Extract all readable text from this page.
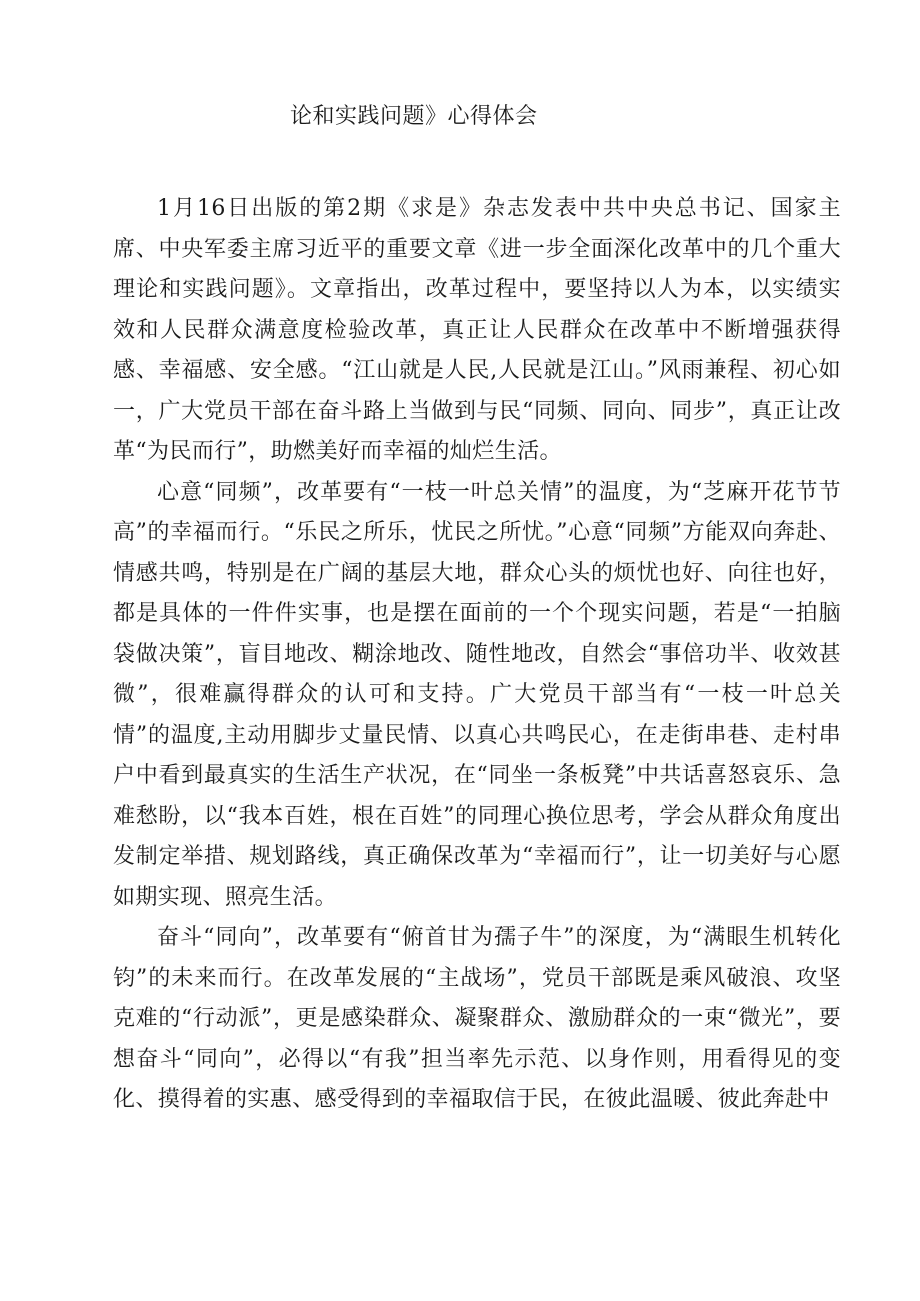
论和实践问题》心得体会

1月16日出版的第2期《求是》杂志发表中共中央总书记、国家主席、中央军委主席习近平的重要文章《进一步全面深化改革中的几个重大理论和实践问题》。文章指出，改革过程中，要坚持以人为本，以实绩实效和人民群众满意度检验改革，真正让人民群众在改革中不断增强获得感、幸福感、安全感。“江山就是人民,人民就是江山。”风雨兼程、初心如一，广大党员干部在奋斗路上当做到与民“同频、同向、同步”，真正让改革“为民而行”，助燃美好而幸福的灿烂生活。

心意“同频”，改革要有“一枝一叶总关情”的温度，为“芝麻开花节节高”的幸福而行。“乐民之所乐，忧民之所忧。”心意“同频”方能双向奔赴、情感共鸣，特别是在广阔的基层大地，群众心头的烦忧也好、向往也好，都是具体的一件件实事，也是摆在面前的一个个现实问题，若是“一拍脑袋做决策”，盲目地改、糊涂地改、随性地改，自然会“事倍功半、收效甚微”，很难赢得群众的认可和支持。广大党员干部当有“一枝一叶总关情”的温度,主动用脚步丈量民情、以真心共鸣民心，在走街串巷、走村串户中看到最真实的生活生产状况，在“同坐一条板凳”中共话喜怒哀乐、急难愁盼，以“我本百姓，根在百姓”的同理心换位思考，学会从群众角度出发制定举措、规划路线，真正确保改革为“幸福而行”，让一切美好与心愿如期实现、照亮生活。

奋斗“同向”，改革要有“俯首甘为孺子牛”的深度，为“满眼生机转化钧”的未来而行。在改革发展的“主战场”，党员干部既是乘风破浪、攻坚克难的“行动派”，更是感染群众、凝聚群众、激励群众的一束“微光”，要想奋斗“同向”，必得以“有我”担当率先示范、以身作则，用看得见的变化、摸得着的实惠、感受得到的幸福取信于民，在彼此温暖、彼此奔赴中
